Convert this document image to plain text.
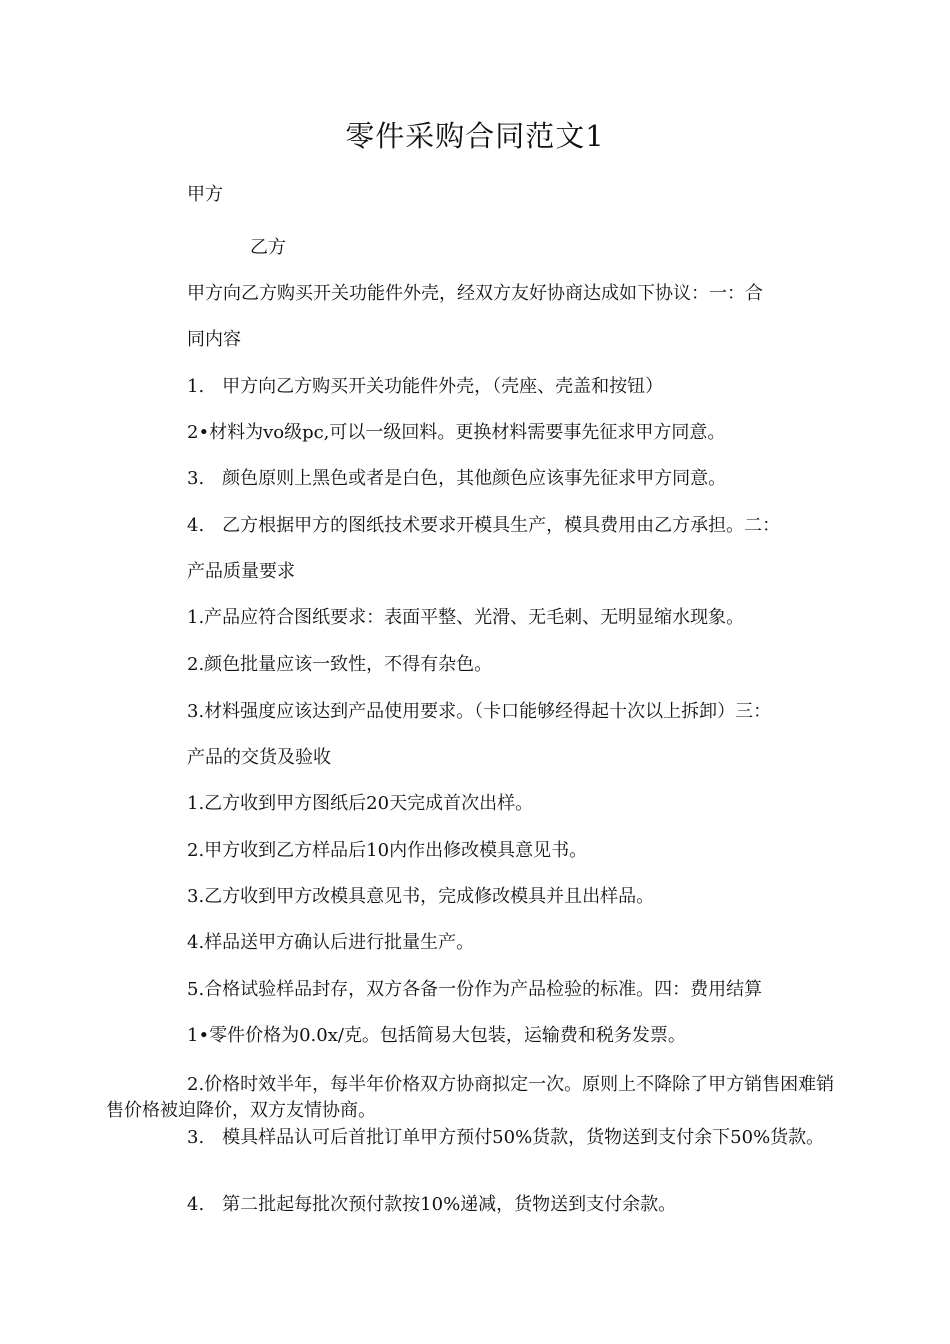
零件采购合同范文1

甲方

乙方

甲方向乙方购买开关功能件外壳，经双方友好协商达成如下协议：一：合

同内容

1.　甲方向乙方购买开关功能件外壳，（壳座、壳盖和按钮）

2•材料为vo级pc,可以一级回料。更换材料需要事先征求甲方同意。

3.　颜色原则上黑色或者是白色，其他颜色应该事先征求甲方同意。

4.　乙方根据甲方的图纸技术要求开模具生产，模具费用由乙方承担。二：

产品质量要求

1.产品应符合图纸要求：表面平整、光滑、无毛刺、无明显缩水现象。

2.颜色批量应该一致性，不得有杂色。

3.材料强度应该达到产品使用要求。（卡口能够经得起十次以上拆卸）三：

产品的交货及验收

1.乙方收到甲方图纸后20天完成首次出样。

2.甲方收到乙方样品后10内作出修改模具意见书。

3.乙方收到甲方改模具意见书，完成修改模具并且出样品。

4.样品送甲方确认后进行批量生产。

5.合格试验样品封存，双方各备一份作为产品检验的标准。四：费用结算

1•零件价格为0.0x/克。包括简易大包装，运输费和税务发票。

2.价格时效半年，每半年价格双方协商拟定一次。原则上不降除了甲方销售困难销售价格被迫降价，双方友情协商。

3.　模具样品认可后首批订单甲方预付50%货款，货物送到支付余下50%货款。

4.　第二批起每批次预付款按10%递减，货物送到支付余款。
